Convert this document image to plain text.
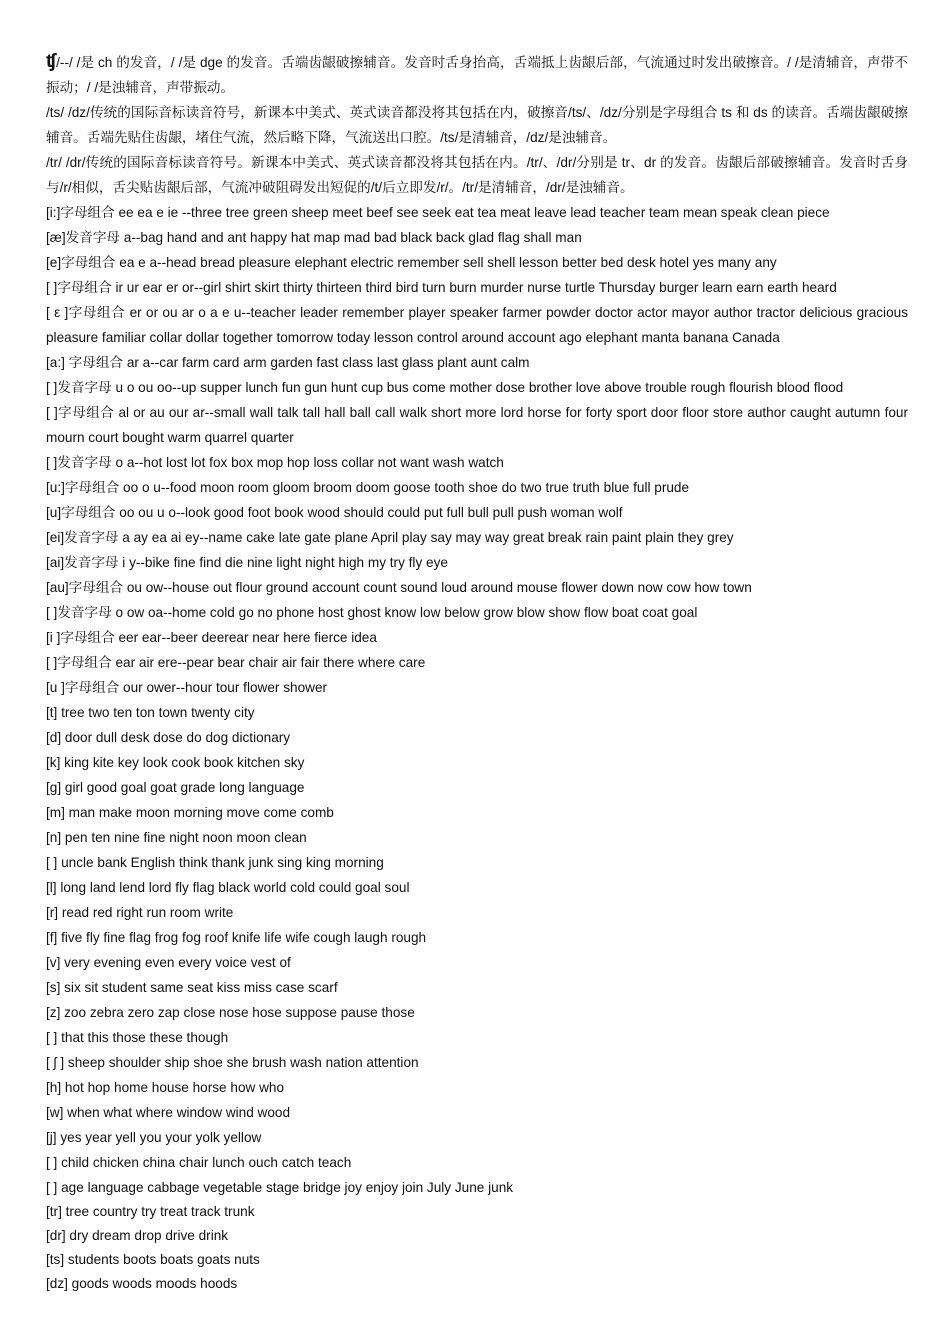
ʧ/--/ /是 ch 的发音，/ /是 dge 的发音。舌端齿龈破擦辅音。发音时舌身抬高，舌端抵上齿龈后部，气流通过时发出破擦音。/ /是清辅音，声带不振动；/ /是浊辅音，声带振动。

/ts/ /dz/传统的国际音标读音符号，新课本中美式、英式读音都没将其包括在内，破擦音/ts/、/dz/分别是字母组合 ts 和 ds 的读音。舌端齿龈破擦辅音。舌端先贴住齿龈，堵住气流，然后略下降，气流送出口腔。/ts/是清辅音，/dz/是浊辅音。

/tr/ /dr/传统的国际音标读音符号。新课本中美式、英式读音都没将其包括在内。/tr/、/dr/分别是 tr、dr 的发音。齿龈后部破擦辅音。发音时舌身与/r/相似，舌尖贴齿龈后部，气流冲破阻碍发出短促的/t/后立即发/r/。/tr/是清辅音，/dr/是浊辅音。

[i:]字母组合 ee ea e ie --three tree green sheep meet beef see seek eat tea meat leave lead teacher team mean speak clean piece

[æ]发音字母 a--bag hand and ant happy hat map mad bad black back glad flag shall man

[e]字母组合 ea e a--head bread pleasure elephant electric remember sell shell lesson better bed desk hotel yes many any

[ ]字母组合 ir ur ear er or--girl shirt skirt thirty thirteen third bird turn burn murder nurse turtle Thursday burger learn earn earth heard

[ ε ]字母组合 er or ou ar o a e u--teacher leader remember player speaker farmer powder doctor actor mayor author tractor delicious gracious pleasure familiar collar dollar together tomorrow today lesson control around account ago elephant manta banana Canada

[a:] 字母组合 ar a--car farm card arm garden fast class last glass plant aunt calm

[ ]发音字母 u o ou oo--up supper lunch fun gun hunt cup bus come mother dose brother love above trouble rough flourish blood flood

[ ]字母组合 al or au our ar--small wall talk tall hall ball call walk short more lord horse for forty sport door floor store author caught autumn four mourn court bought warm quarrel quarter

[ ]发音字母 o a--hot lost lot fox box mop hop loss collar not want wash watch

[u:]字母组合 oo o u--food moon room gloom broom doom goose tooth shoe do two true truth blue full prude

[u]字母组合 oo ou u o--look good foot book wood should could put full bull pull push woman wolf

[ei]发音字母 a ay ea ai ey--name cake late gate plane April play say may way great break rain paint plain they grey

[ai]发音字母 i y--bike fine find die nine light night high my try fly eye

[au]字母组合 ou ow--house out flour ground account count sound loud around mouse flower down now cow how town

[ ]发音字母 o ow oa--home cold go no phone host ghost know low below grow blow show flow boat coat goal

[i ]字母组合 eer ear--beer deerear near here fierce idea

[ ]字母组合 ear air ere--pear bear chair air fair there where care

[u ]字母组合 our ower--hour tour flower shower

[t] tree two ten ton town twenty city

[d] door dull desk dose do dog dictionary

[k] king kite key look cook book kitchen sky

[g] girl good goal goat grade long language

[m] man make moon morning move come comb

[n] pen ten nine fine night noon moon clean

[ ] uncle bank English think thank junk sing king morning

[l] long land lend lord fly flag black world cold could goal soul

[r] read red right run room write

[f] five fly fine flag frog fog roof knife life wife cough laugh rough

[v] very evening even every voice vest of

[s] six sit student same seat kiss miss case scarf

[z] zoo zebra zero zap close nose hose suppose pause those

[ ] that this those these though

[ ʃ ] sheep shoulder ship shoe she brush wash nation attention

[h] hot hop home house horse how who

[w] when what where window wind wood

[j] yes year yell you your yolk yellow

[ ] child chicken china chair lunch ouch catch teach

[ ] age language cabbage vegetable stage bridge joy enjoy join July June junk

[tr] tree country try treat track trunk

[dr] dry dream drop drive drink

[ts] students boots boats goats nuts

[dz] goods woods moods hoods
